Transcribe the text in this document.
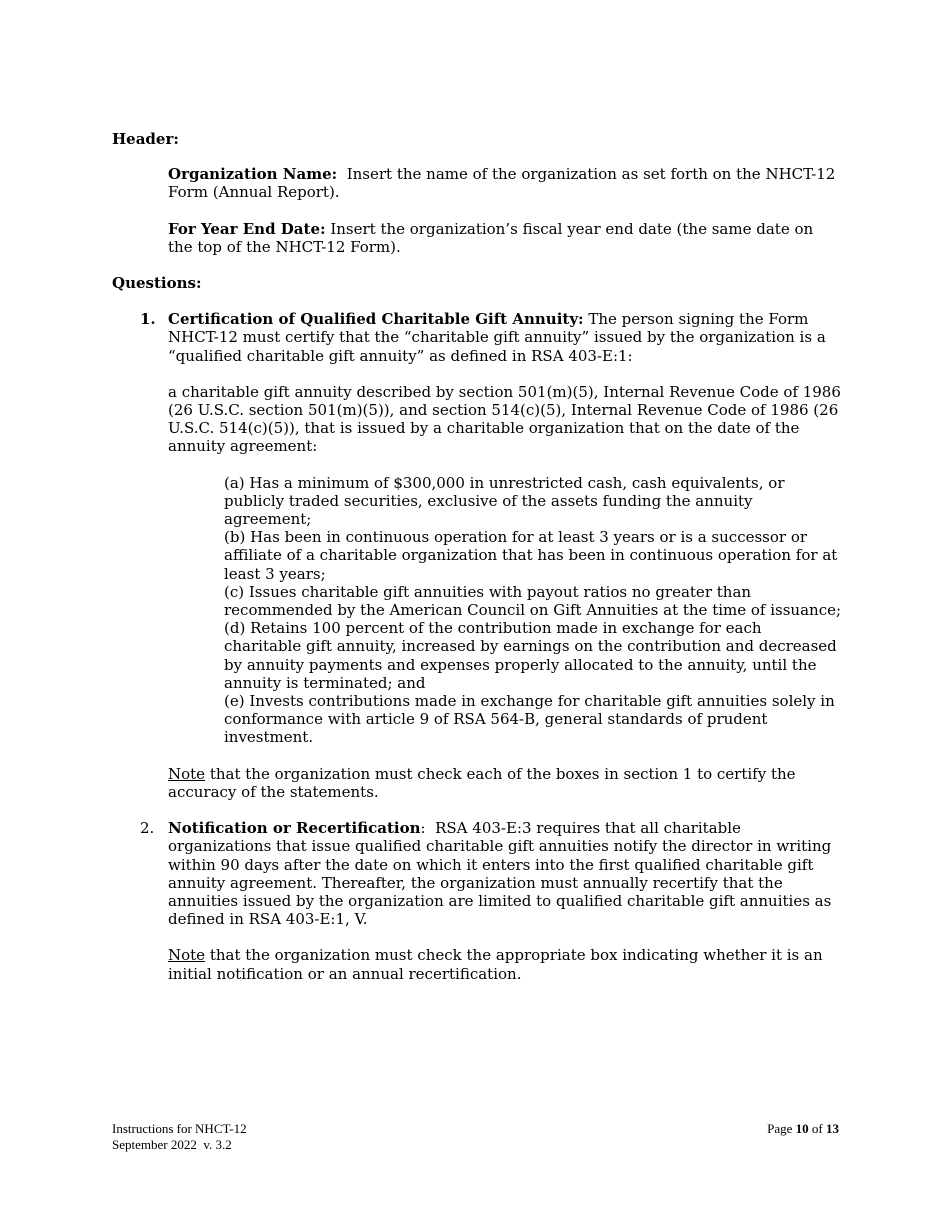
Header:

Organization Name:  Insert the name of the organization as set forth on the NHCT-12 Form (Annual Report).

For Year End Date: Insert the organization’s fiscal year end date (the same date on the top of the NHCT-12 Form).

Questions:

1. Certification of Qualified Charitable Gift Annuity: The person signing the Form NHCT-12 must certify that the “charitable gift annuity” issued by the organization is a “qualified charitable gift annuity” as defined in RSA 403-E:1:

a charitable gift annuity described by section 501(m)(5), Internal Revenue Code of 1986 (26 U.S.C. section 501(m)(5)), and section 514(c)(5), Internal Revenue Code of 1986 (26 U.S.C. 514(c)(5)), that is issued by a charitable organization that on the date of the annuity agreement:

(a) Has a minimum of $300,000 in unrestricted cash, cash equivalents, or publicly traded securities, exclusive of the assets funding the annuity agreement;

(b) Has been in continuous operation for at least 3 years or is a successor or affiliate of a charitable organization that has been in continuous operation for at least 3 years;

(c) Issues charitable gift annuities with payout ratios no greater than recommended by the American Council on Gift Annuities at the time of issuance;

(d) Retains 100 percent of the contribution made in exchange for each charitable gift annuity, increased by earnings on the contribution and decreased by annuity payments and expenses properly allocated to the annuity, until the annuity is terminated; and

(e) Invests contributions made in exchange for charitable gift annuities solely in conformance with article 9 of RSA 564-B, general standards of prudent investment.

Note that the organization must check each of the boxes in section 1 to certify the accuracy of the statements.

2. Notification or Recertification:  RSA 403-E:3 requires that all charitable organizations that issue qualified charitable gift annuities notify the director in writing within 90 days after the date on which it enters into the first qualified charitable gift annuity agreement. Thereafter, the organization must annually recertify that the annuities issued by the organization are limited to qualified charitable gift annuities as defined in RSA 403-E:1, V.

Note that the organization must check the appropriate box indicating whether it is an initial notification or an annual recertification.

Instructions for NHCT-12
September 2022  v. 3.2
Page 10 of 13
